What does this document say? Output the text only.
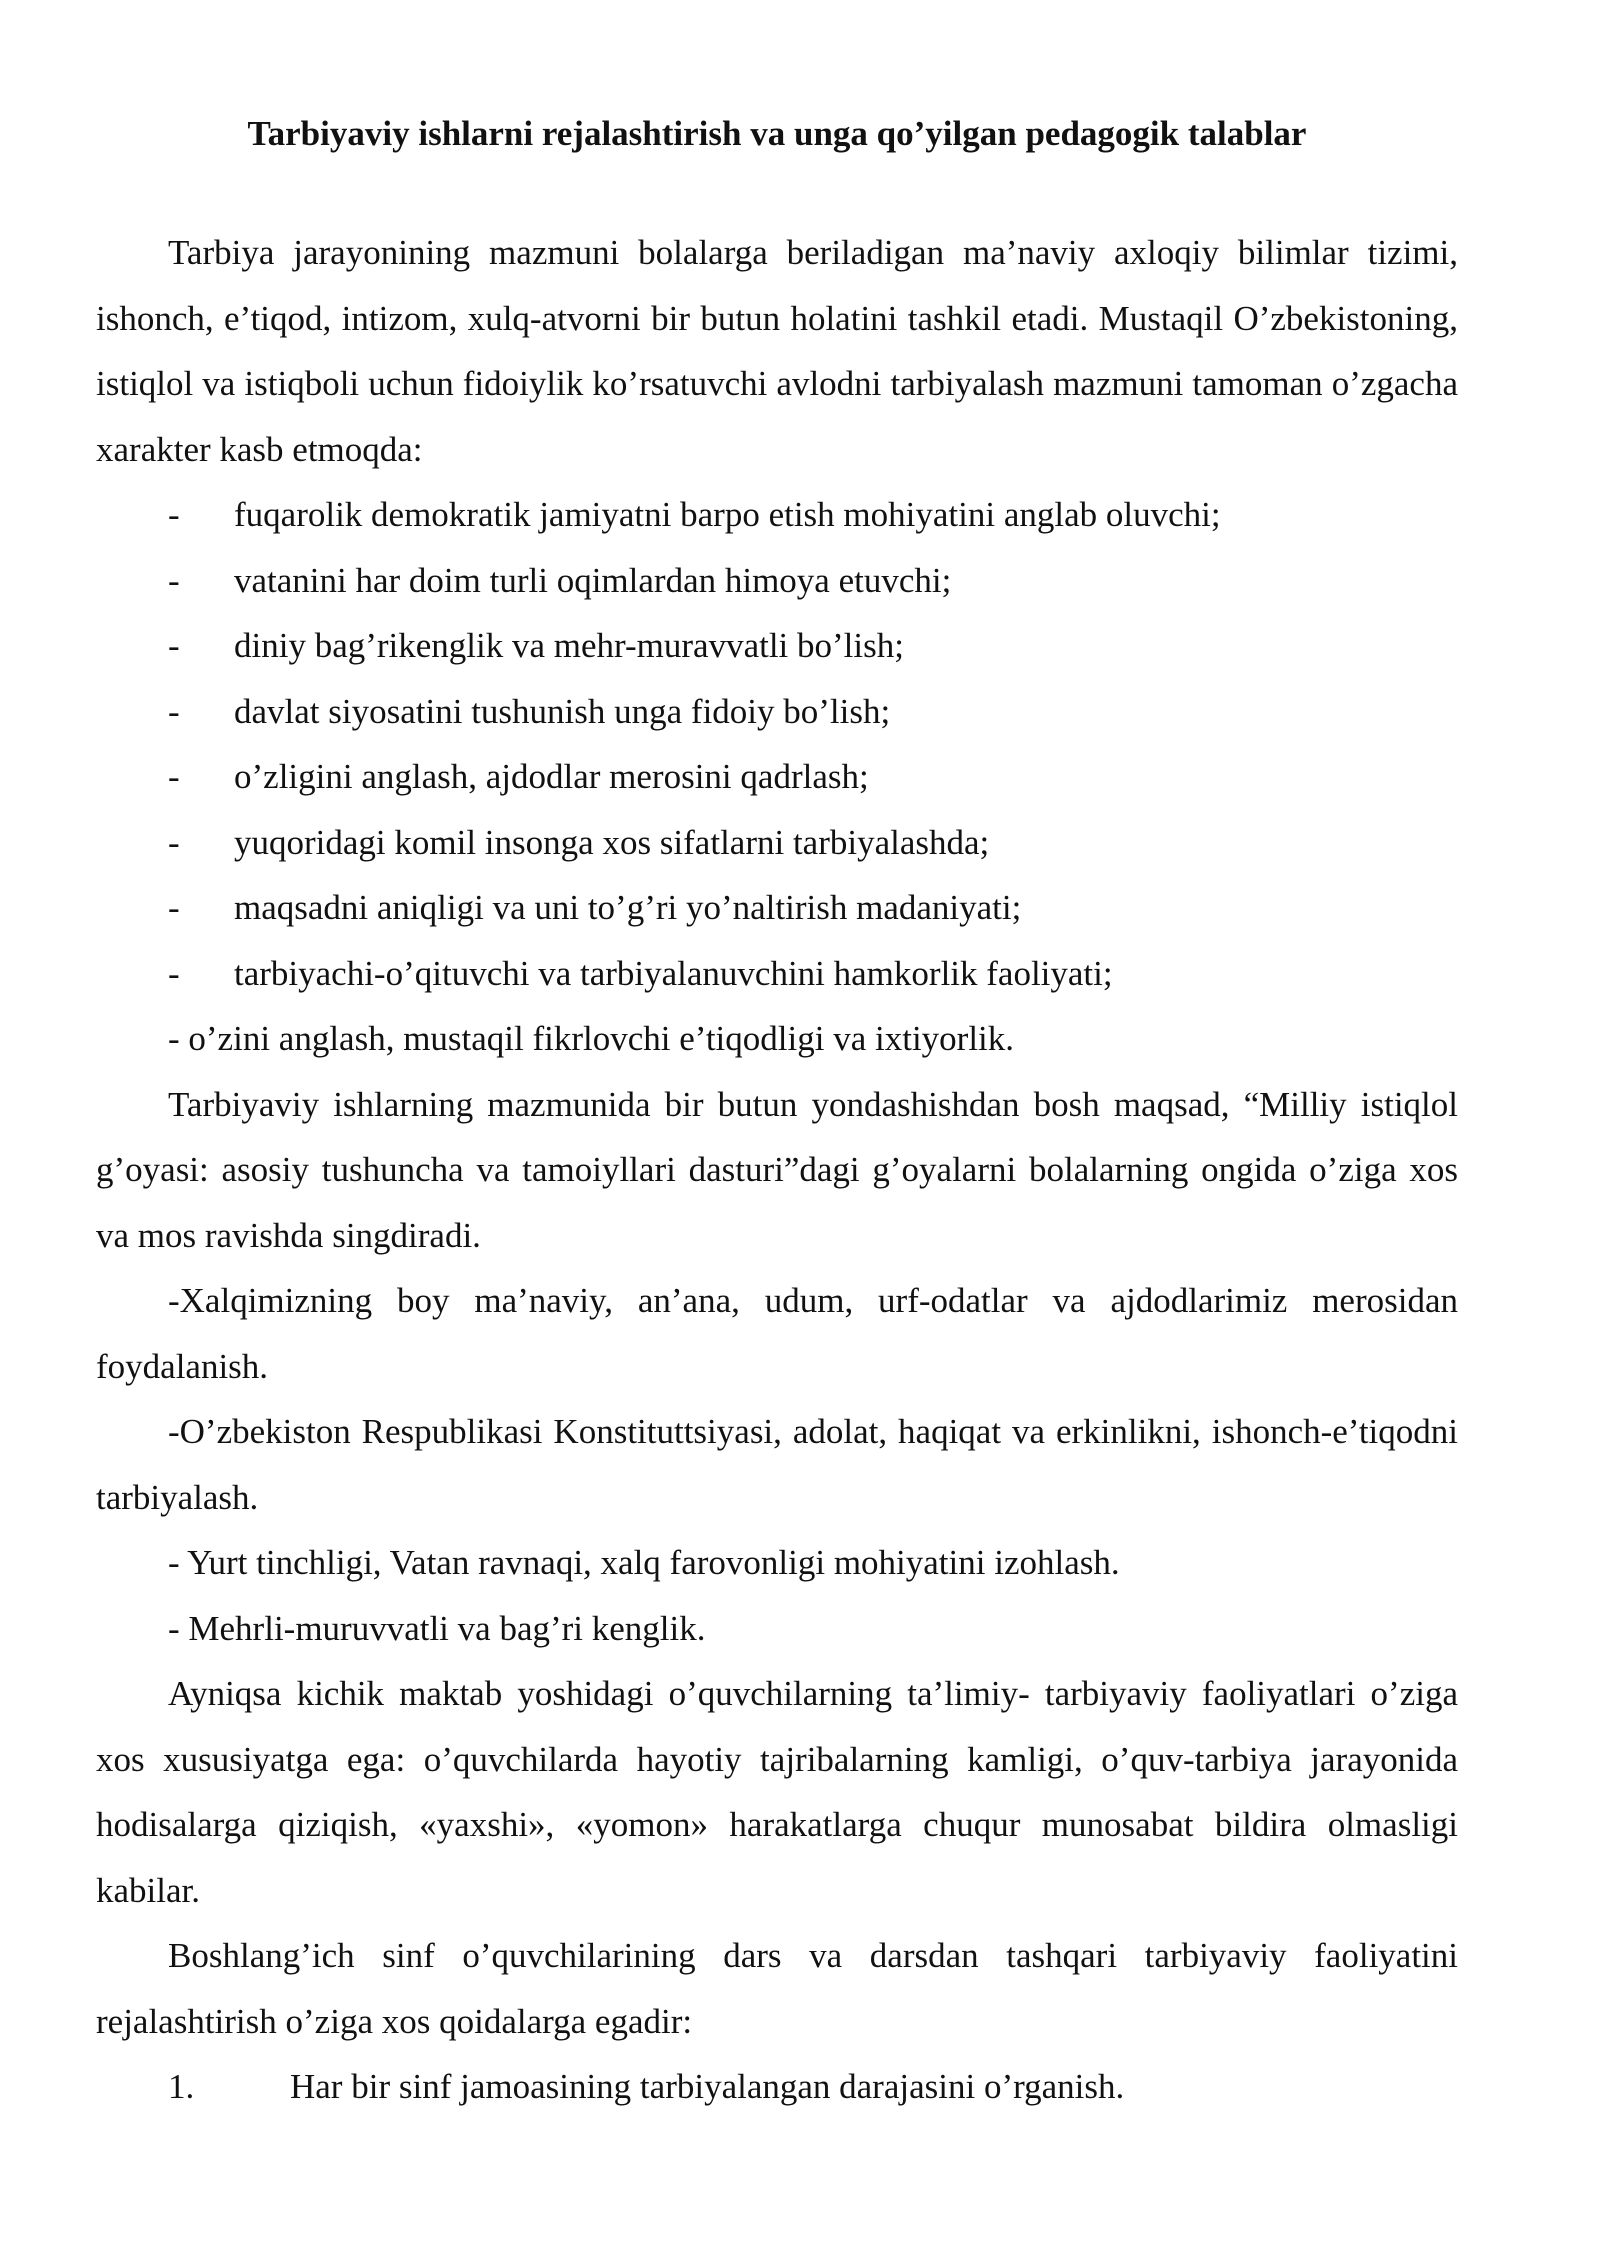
Tarbiyaviy ishlarni rejalashtirish va unga qo’yilgan pedagogik talablar

Tarbiya jarayonining mazmuni bolalarga beriladigan ma’naviy axloqiy bilimlar tizimi, ishonch, e’tiqod, intizom, xulq-atvorni bir butun holatini tashkil etadi. Mustaqil O’zbekistoning, istiqlol va istiqboli uchun fidoiylik ko’rsatuvchi avlodni tarbiyalash mazmuni tamoman o’zgacha xarakter kasb etmoqda:

-	fuqarolik demokratik jamiyatni barpo etish mohiyatini anglab oluvchi;
-	vatanini har doim turli oqimlardan himoya etuvchi;
-	diniy bag’rikenglik va mehr-muravvatli bo’lish;
-	davlat siyosatini tushunish unga fidoiy bo’lish;
-	o’zligini anglash, ajdodlar merosini qadrlash;
-	yuqoridagi komil insonga xos sifatlarni tarbiyalashda;
-	maqsadni aniqligi va uni to’g’ri yo’naltirish madaniyati;
-	tarbiyachi-o’qituvchi va tarbiyalanuvchini hamkorlik faoliyati;

- o’zini anglash, mustaqil fikrlovchi e’tiqodligi va ixtiyorlik.

Tarbiyaviy ishlarning mazmunida bir butun yondashishdan bosh maqsad, “Milliy istiqlol g’oyasi: asosiy tushuncha va tamoiyllari dasturi”dagi g’oyalarni bolalarning ongida o’ziga xos va mos ravishda singdiradi.

-Xalqimizning boy ma’naviy, an’ana, udum, urf-odatlar va ajdodlarimiz merosidan foydalanish.

-O’zbekiston Respublikasi Konstituttsiyasi, adolat, haqiqat va erkinlikni, ishonch-e’tiqodni tarbiyalash.

- Yurt tinchligi, Vatan ravnaqi, xalq farovonligi mohiyatini izohlash.

- Mehrli-muruvvatli va bag’ri kenglik.

Ayniqsa kichik maktab yoshidagi o’quvchilarning ta’limiy- tarbiyaviy faoliyatlari o’ziga xos xususiyatga ega: o’quvchilarda hayotiy tajribalarning kamligi, o’quv-tarbiya jarayonida hodisalarga qiziqish, «yaxshi», «yomon» harakatlarga chuqur munosabat bildira olmasligi kabilar.

Boshlang’ich sinf o’quvchilarining dars va darsdan tashqari tarbiyaviy faoliyatini rejalashtirish o’ziga xos qoidalarga egadir:

1.	Har bir sinf jamoasining tarbiyalangan darajasini o’rganish.
